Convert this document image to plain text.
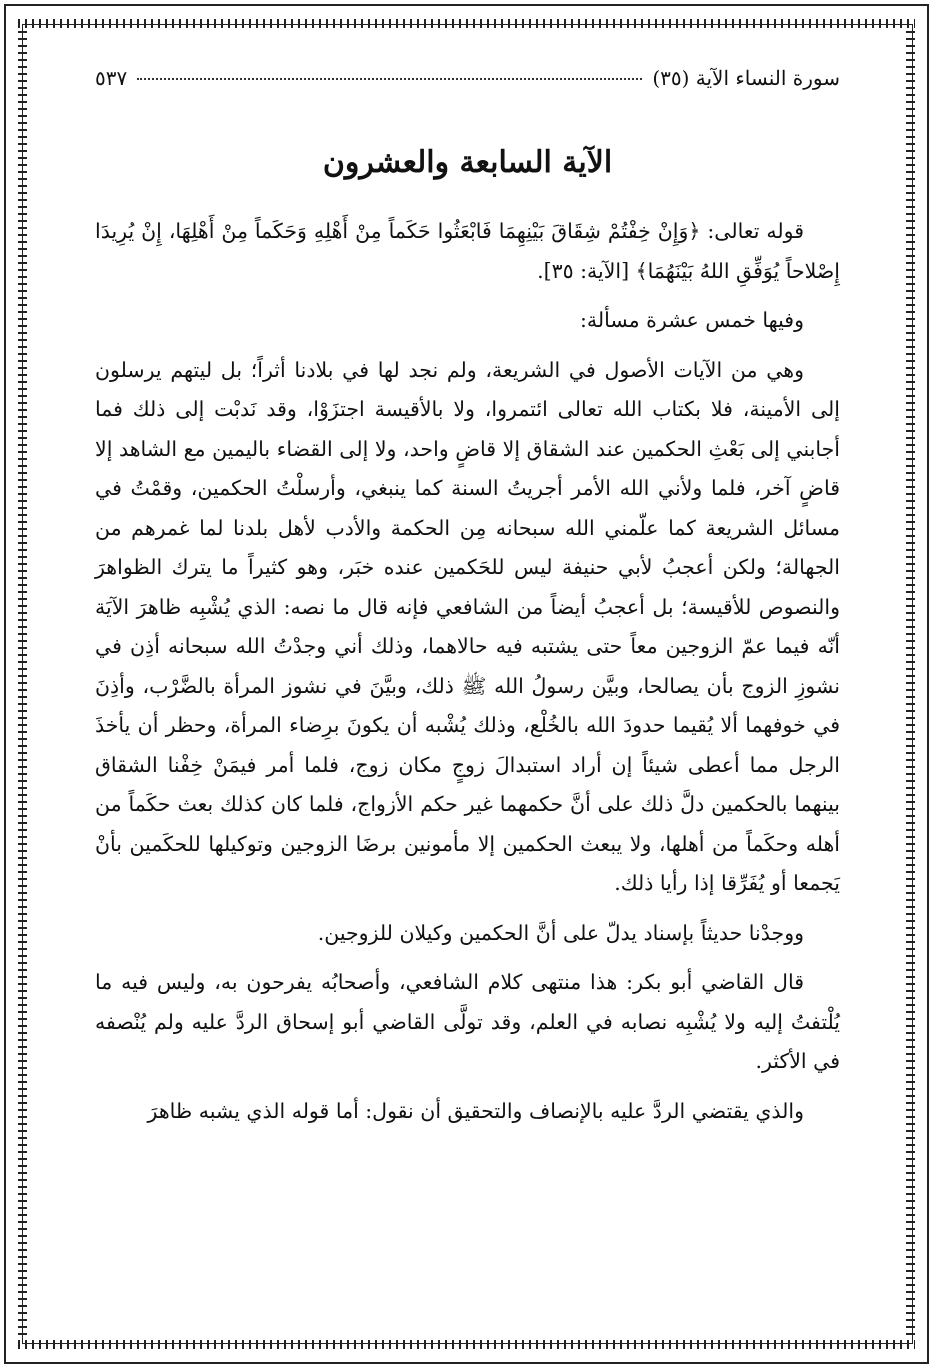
سورة النساء الآية (٣٥)
٥٣٧
الآية السابعة والعشرون

قوله تعالى: ﴿وَإِنْ خِفْتُمْ شِقَاقَ بَيْنِهِمَا فَابْعَثُوا حَكَماً مِنْ أَهْلِهِ وَحَكَماً مِنْ أَهْلِهَا، إِنْ يُرِيدَا إِصْلاحاً يُوَفِّقِ اللهُ بَيْنَهُمَا﴾ [الآية: ٣٥].

وفيها خمس عشرة مسألة:

وهي من الآيات الأصول في الشريعة، ولم نجد لها في بلادنا أثراً؛ بل ليتهم يرسلون إلى الأمينة، فلا بكتاب الله تعالى ائتمروا، ولا بالأقيسة اجتزَوْا، وقد نَدبْت إلى ذلك فما أجابني إلى بَعْثِ الحكمين عند الشقاق إلا قاضٍ واحد، ولا إلى القضاء باليمين مع الشاهد إلا قاضٍ آخر، فلما ولأني الله الأمر أجريتُ السنة كما ينبغي، وأرسلْتُ الحكمين، وقمْتُ في مسائل الشريعة كما علّمني الله سبحانه مِن الحكمة والأدب لأهل بلدنا لما غمرهم من الجهالة؛ ولكن أعجبُ لأبي حنيفة ليس للحَكمين عنده خبَر، وهو كثيراً ما يترك الظواهرَ والنصوص للأقيسة؛ بل أعجبُ أيضاً من الشافعي فإنه قال ما نصه: الذي يُشْبِه ظاهرَ الآيَة أنّه فيما عمّ الزوجين معاً حتى يشتبه فيه حالاهما، وذلك أني وجدْتُ الله سبحانه أذِن في نشوزِ الزوج بأن يصالحا، وبيَّن رسولُ الله ﷺ ذلك، وبيَّنَ في نشوز المرأة بالضَّرْب، وأذِنَ في خوفهما ألا يُقيما حدودَ الله بالخُلْع، وذلك يُشْبه أن يكونَ برِضاء المرأة، وحظر أن يأخذَ الرجل مما أعطى شيئاً إن أراد استبدالَ زوجٍ مكان زوج، فلما أمر فيمَنْ خِفْنا الشقاق بينهما بالحكمين دلَّ ذلك على أنَّ حكمهما غير حكم الأزواج، فلما كان كذلك بعث حكَماً من أهله وحكَماً من أهلها، ولا يبعث الحكمين إلا مأمونين برضَا الزوجين وتوكيلها للحكَمين بأنْ يَجمعا أو يُفَرِّقا إذا رأيا ذلك.

ووجدْنا حديثاً بإسناد يدلّ على أنَّ الحكمين وكيلان للزوجين.

قال القاضي أبو بكر: هذا منتهى كلام الشافعي، وأصحابُه يفرحون به، وليس فيه ما يُلْتفتُ إليه ولا يُشْبِه نصابه في العلم، وقد تولَّى القاضي أبو إسحاق الردَّ عليه ولم يُنْصفه في الأكثر.

والذي يقتضي الردَّ عليه بالإنصاف والتحقيق أن نقول: أما قوله الذي يشبه ظاهرَ
